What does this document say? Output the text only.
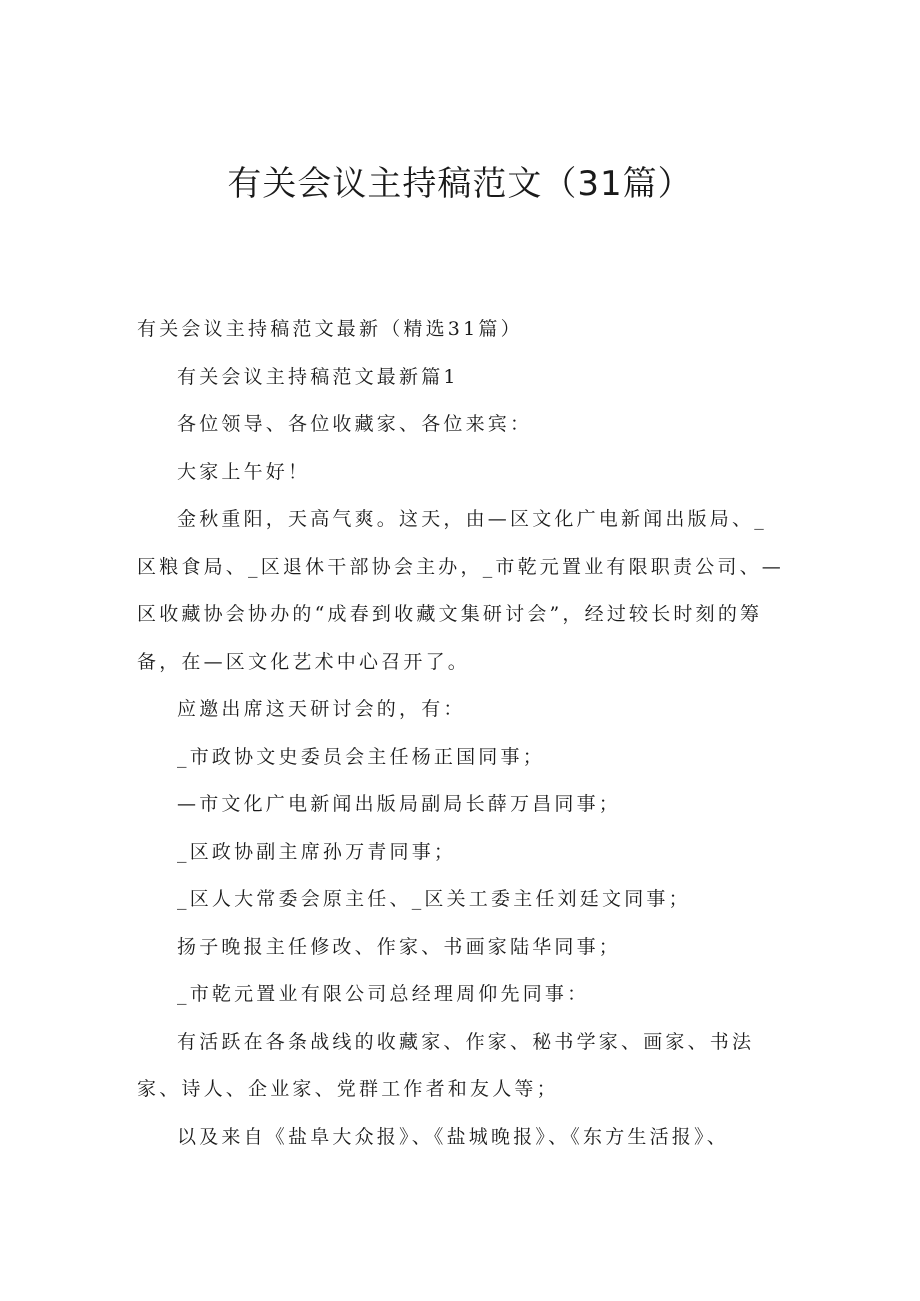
有关会议主持稿范文（31篇）

有关会议主持稿范文最新（精选31篇）

有关会议主持稿范文最新篇1

各位领导、各位收藏家、各位来宾：

大家上午好！

金秋重阳，天高气爽。这天，由—区文化广电新闻出版局、_区粮食局、_区退休干部协会主办，_市乾元置业有限职责公司、—区收藏协会协办的“成春到收藏文集研讨会”，经过较长时刻的筹备，在—区文化艺术中心召开了。

应邀出席这天研讨会的，有：

_市政协文史委员会主任杨正国同事；

—市文化广电新闻出版局副局长薛万昌同事；

_区政协副主席孙万青同事；

_区人大常委会原主任、_区关工委主任刘廷文同事；

扬子晚报主任修改、作家、书画家陆华同事；

_市乾元置业有限公司总经理周仰先同事：

有活跃在各条战线的收藏家、作家、秘书学家、画家、书法家、诗人、企业家、党群工作者和友人等；

以及来自《盐阜大众报》、《盐城晚报》、《东方生活报》、
